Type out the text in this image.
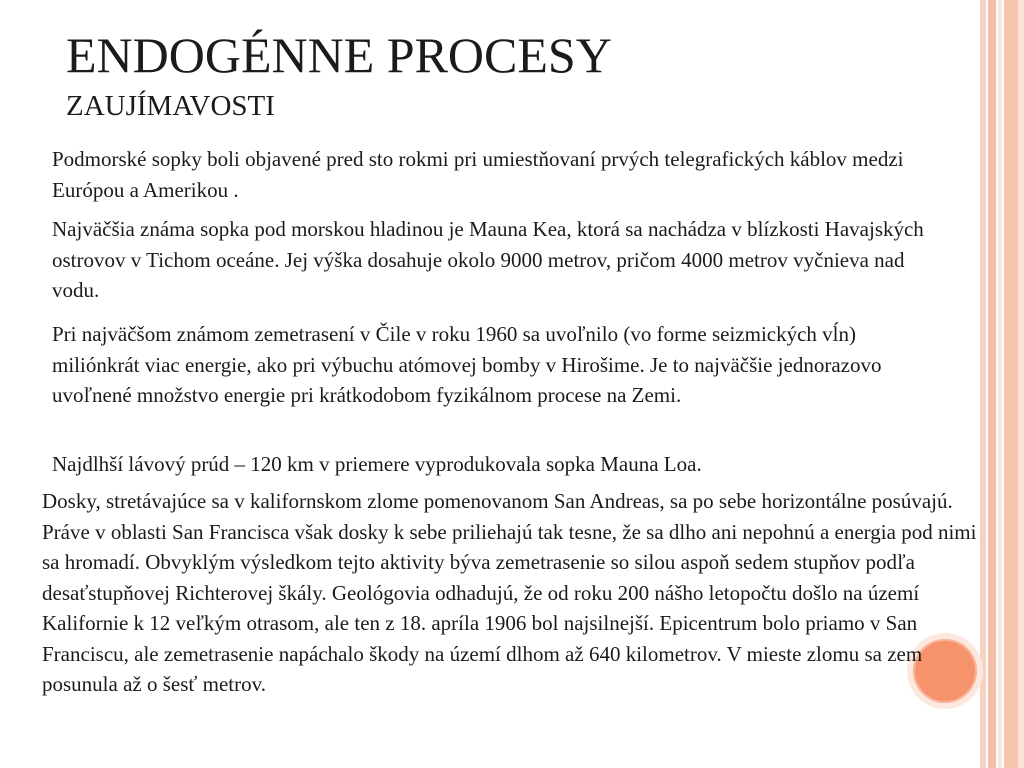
ENDOGÉNNE PROCESY
ZAUJÍMAVOSTI

Podmorské sopky boli objavené pred sto rokmi pri umiestňovaní prvých telegrafických káblov medzi Európou a Amerikou .

Najväčšia známa sopka pod morskou hladinou je Mauna Kea, ktorá sa nachádza v blízkosti Havajských ostrovov v Tichom oceáne. Jej výška dosahuje okolo 9000 metrov, pričom 4000 metrov vyčnieva nad vodu.

Pri najväčšom známom zemetrasení v Čile v roku 1960 sa uvoľnilo (vo forme seizmických vĺn) miliónkrát viac energie, ako pri výbuchu atómovej bomby v Hirošime. Je to najväčšie jednorazovo uvoľnené množstvo energie pri krátkodobom fyzikálnom procese na Zemi.

Najdlhší lávový prúd – 120 km v priemere vyprodukovala sopka Mauna Loa.

Dosky, stretávajúce sa v kalifornskom zlome pomenovanom San Andreas, sa po sebe horizontálne posúvajú. Práve v oblasti San Francisca však dosky k sebe priliehajú tak tesne, že sa dlho ani nepohnú a energia pod nimi sa hromadí. Obvyklým výsledkom tejto aktivity býva zemetrasenie so silou aspoň sedem stupňov podľa desaťstupňovej Richterovej škály. Geológovia odhadujú, že od roku 200 nášho letopočtu došlo na území Kalifornie k 12 veľkým otrasom, ale ten z 18. apríla 1906 bol najsilnejší. Epicentrum bolo priamo v San Franciscu, ale zemetrasenie napáchalo škody na území dlhom až 640 kilometrov. V mieste zlomu sa zem posunula až o šesť metrov.
